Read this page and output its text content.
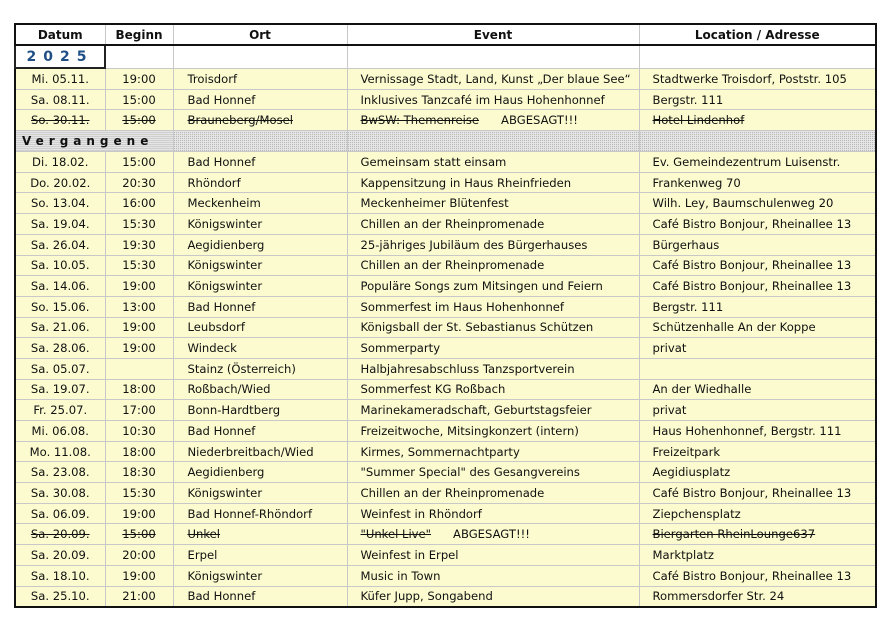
Datum	Beginn	Ort	Event	Location / Adresse
2025				
Mi. 05.11.	19:00	Troisdorf	Vernissage Stadt, Land, Kunst „Der blaue See“	Stadtwerke Troisdorf, Poststr. 105
Sa. 08.11.	15:00	Bad Honnef	Inklusives Tanzcafé im Haus Hohenhonnef	Bergstr. 111
So. 30.11.	15:00	Brauneberg/Mosel	BwSW: Themenreise ABGESAGT!!!	Hotel Lindenhof
Vergangene				
Di. 18.02.	15:00	Bad Honnef	Gemeinsam statt einsam	Ev. Gemeindezentrum Luisenstr.
Do. 20.02.	20:30	Rhöndorf	Kappensitzung in Haus Rheinfrieden	Frankenweg 70
So. 13.04.	16:00	Meckenheim	Meckenheimer Blütenfest	Wilh. Ley, Baumschulenweg 20
Sa. 19.04.	15:30	Königswinter	Chillen an der Rheinpromenade	Café Bistro Bonjour, Rheinallee 13
Sa. 26.04.	19:30	Aegidienberg	25-jähriges Jubiläum des Bürgerhauses	Bürgerhaus
Sa. 10.05.	15:30	Königswinter	Chillen an der Rheinpromenade	Café Bistro Bonjour, Rheinallee 13
Sa. 14.06.	19:00	Königswinter	Populäre Songs zum Mitsingen und Feiern	Café Bistro Bonjour, Rheinallee 13
So. 15.06.	13:00	Bad Honnef	Sommerfest im Haus Hohenhonnef	Bergstr. 111
Sa. 21.06.	19:00	Leubsdorf	Königsball der St. Sebastianus Schützen	Schützenhalle An der Koppe
Sa. 28.06.	19:00	Windeck	Sommerparty	privat
Sa. 05.07.		Stainz (Österreich)	Halbjahresabschluss Tanzsportverein	
Sa. 19.07.	18:00	Roßbach/Wied	Sommerfest KG Roßbach	An der Wiedhalle
Fr. 25.07.	17:00	Bonn-Hardtberg	Marinekameradschaft, Geburtstagsfeier	privat
Mi. 06.08.	10:30	Bad Honnef	Freizeitwoche, Mitsingkonzert (intern)	Haus Hohenhonnef, Bergstr. 111
Mo. 11.08.	18:00	Niederbreitbach/Wied	Kirmes, Sommernachtparty	Freizeitpark
Sa. 23.08.	18:30	Aegidienberg	"Summer Special" des Gesangvereins	Aegidiusplatz
Sa. 30.08.	15:30	Königswinter	Chillen an der Rheinpromenade	Café Bistro Bonjour, Rheinallee 13
Sa. 06.09.	19:00	Bad Honnef-Rhöndorf	Weinfest in Rhöndorf	Ziepchensplatz
Sa. 20.09.	15:00	Unkel	"Unkel Live" ABGESAGT!!!	Biergarten RheinLounge637
Sa. 20.09.	20:00	Erpel	Weinfest in Erpel	Marktplatz
Sa. 18.10.	19:00	Königswinter	Music in Town	Café Bistro Bonjour, Rheinallee 13
Sa. 25.10.	21:00	Bad Honnef	Küfer Jupp, Songabend	Rommersdorfer Str. 24
